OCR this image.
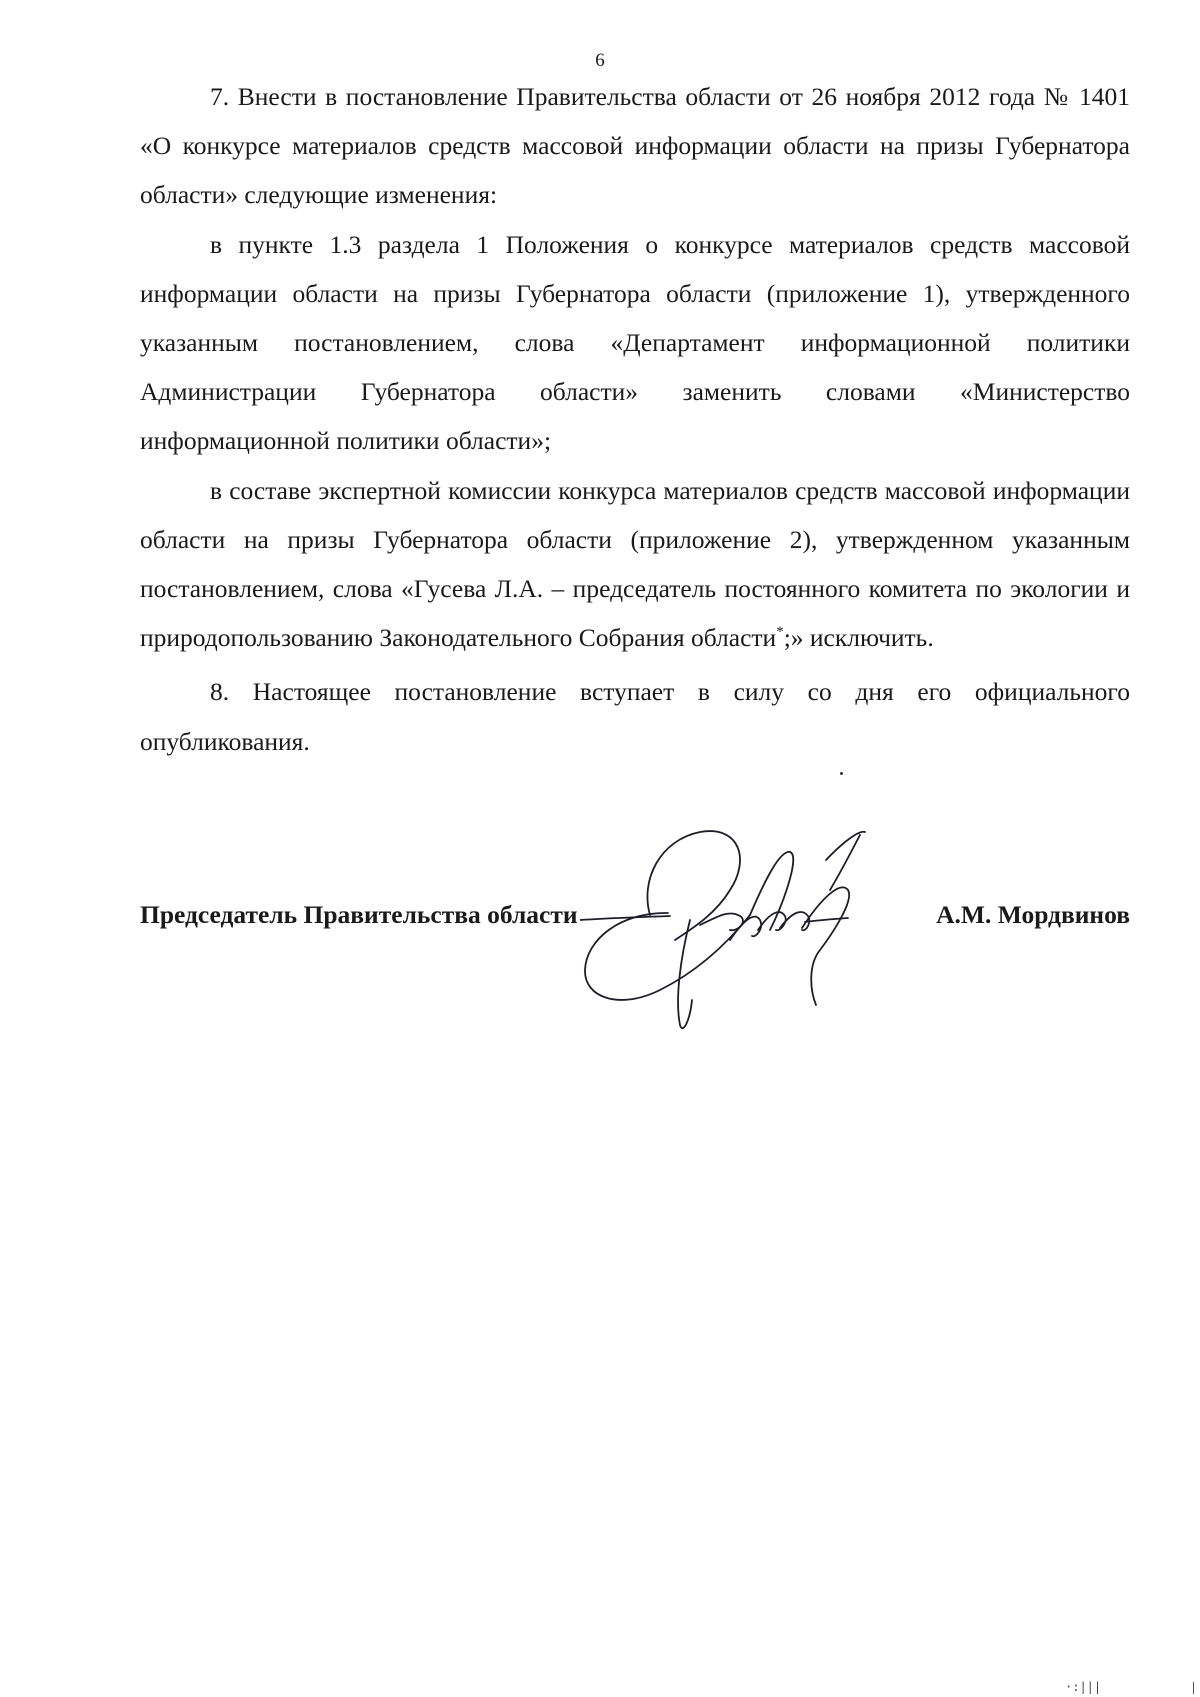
6

7. Внести в постановление Правительства области от 26 ноября 2012 года № 1401 «О конкурсе материалов средств массовой информации области на призы Губернатора области» следующие изменения:

в пункте 1.3 раздела 1 Положения о конкурсе материалов средств массовой информации области на призы Губернатора области (приложение 1), утвержденного указанным постановлением, слова «Департамент информационной политики Администрации Губернатора области» заменить словами «Министерство информационной политики области»;

в составе экспертной комиссии конкурса материалов средств массовой информации области на призы Губернатора области (приложение 2), утвержденном указанным постановлением, слова «Гусева Л.А. – председатель постоянного комитета по экологии и природопользованию Законодательного Собрания области*;» исключить.

8. Настоящее постановление вступает в силу со дня его официального опубликования.

Председатель Правительства области	А.М. Мордвинов
·:|||
